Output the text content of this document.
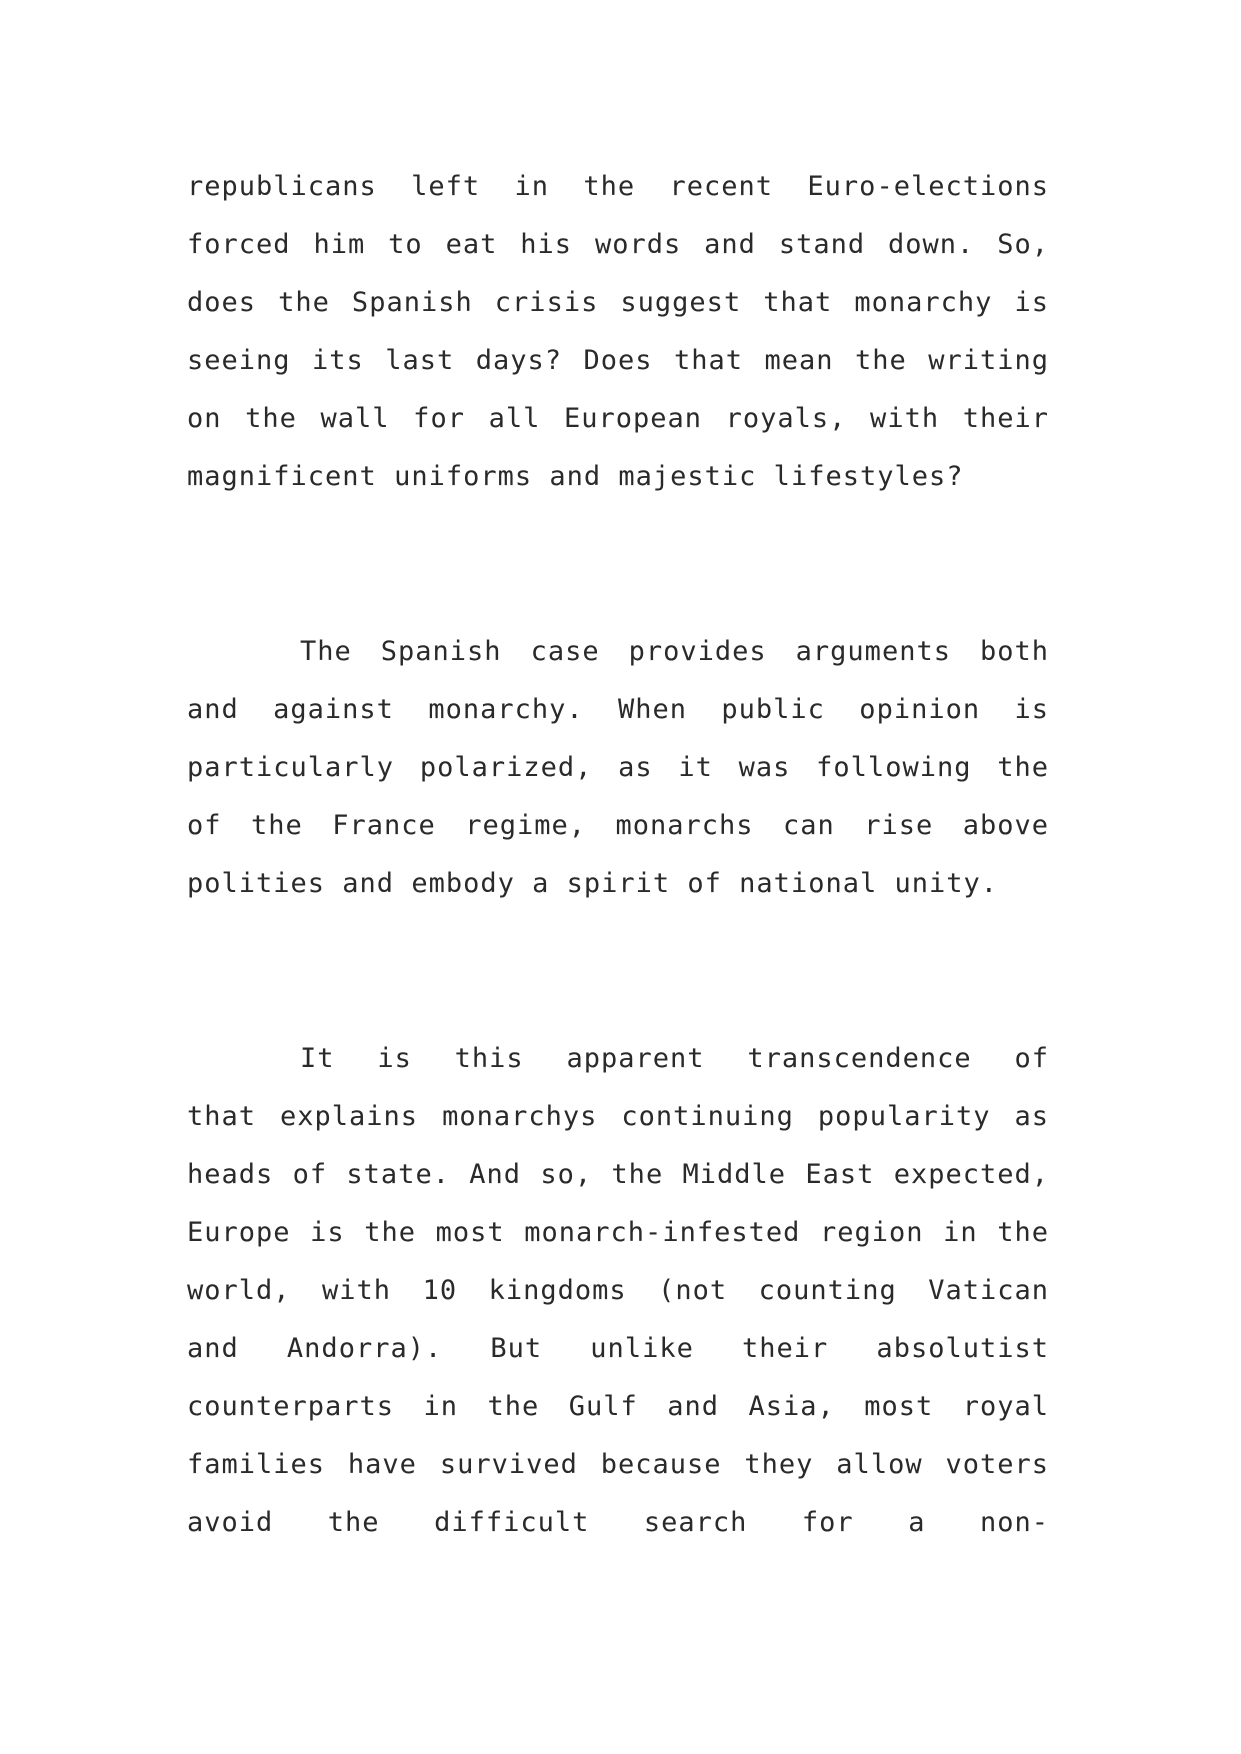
republicans left in the recent Euro-elections
forced him to eat his words and stand down. So,
does the Spanish crisis suggest that monarchy is
seeing its last days? Does that mean the writing
on the wall for all European royals, with their
magnificent uniforms and majestic lifestyles?
The Spanish case provides arguments both
and against monarchy. When public opinion is
particularly polarized, as it was following the
of the France regime, monarchs can rise above
polities and embody a spirit of national unity.
It is this apparent transcendence of
that explains monarchys continuing popularity as
heads of state. And so, the Middle East expected,
Europe is the most monarch-infested region in the
world, with 10 kingdoms (not counting Vatican
and Andorra). But unlike their absolutist
counterparts in the Gulf and Asia, most royal
families have survived because they allow voters
avoid the difficult search for a non-
